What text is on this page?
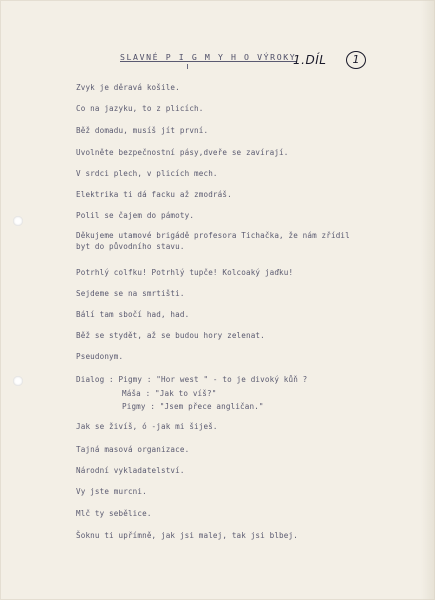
SLAVNÉ P I G M Y H O VÝROKY
1.DÍL	1
Zvyk je děravá košile.
Co na jazyku, to z plicích.
Běž domadu, musíš jít první.
Uvolněte bezpečnostní pásy,dveře se zavírají.
V srdci plech, v plicích mech.
Elektrika ti dá facku až zmodráš.
Polil se čajem do pámoty.
Děkujeme utamové brigádě profesora Tichačka, že nám zřídil byt do původního stavu.
Potrhlý colfku! Potrhlý tupče! Kolcoaký jaďku!
Sejdeme se na smrtišti.
Bálí tam sbočí had, had.
Běž se stydět, až se budou hory zelenat.
Pseudonym.
Dialog : Pigmy : "Hor west " - to je divoký kůň ?
Máša : "Jak to víš?"
Pigmy : "Jsem přece angličan."
Jak se živíš, ó -jak mi šiješ.
Tajná masová organizace.
Národní vykladatelství.
Vy jste murcni.
Mlč ty sebělice.
Šoknu ti upřímně, jak jsi malej, tak jsi blbej.
